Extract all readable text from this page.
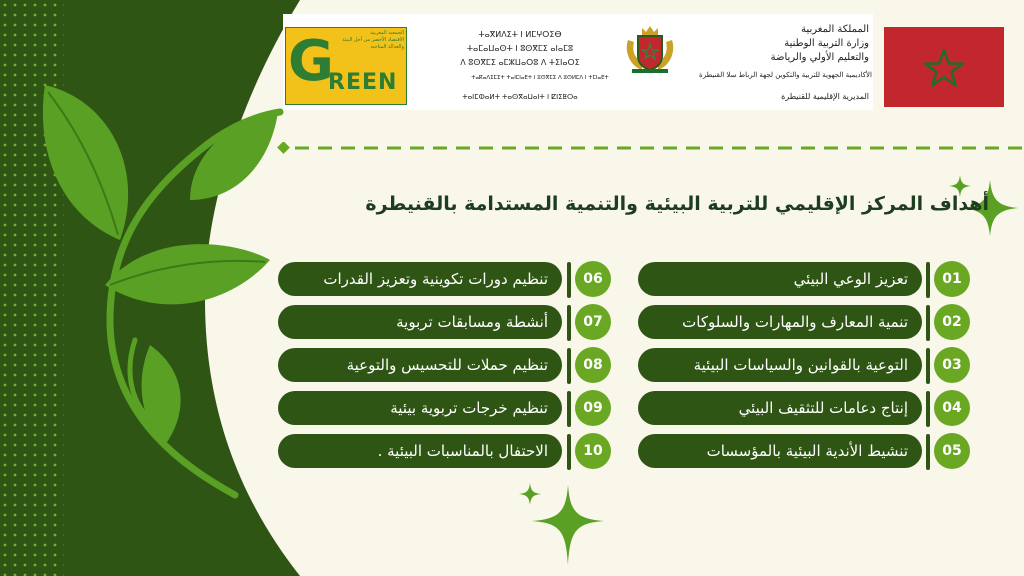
الجمعية المغربية
الاقتصاد الأخضر من أجل البيئة
والعدالة المناخية
G
REEN
ⵜⴰⴳⵍⴷⵉⵜ ⵏ ⵍⵎⵖⵔⵉⴱ
ⵜⴰⵎⴰⵡⴰⵙⵜ ⵏ ⵓⵙⴳⵎⵉ ⴰⵏⴰⵎⵓ
ⴷ ⵓⵙⴳⵎⵉ ⴰⵎⵣⵡⴰⵔⵓ ⴷ ⵜⵉⵏⴰⵔⵉ
ⵜⴰⴽⴰⴷⵉⵎⵉⵜ ⵜⴰⵏⵎⵏⴰⴹⵜ ⵏ ⵓⵙⴳⵎⵉ ⴷ ⵓⵙⵍⵎⴷ ⵏ ⵜⵎⵏⴰⴹⵜ
ⵜⴰⵏⵎⵀⴰⵍⵜ ⵜⴰⵙⴳⴰⵡⴰⵏⵜ ⵏ ⵇⵏⵉⵟⵔⴰ
المملكة المغربية
وزارة التربية الوطنية
والتعليم الأولي والرياضة
الأكاديمية الجهوية للتربية والتكوين لجهة الرباط سلا القنيطرة
المديرية الإقليمية للقنيطرة
أهداف المركز الإقليمي للتربية البيئية والتنمية المستدامة بالقنيطرة
تعزيز الوعي البيئي	01
تنمية المعارف والمهارات والسلوكات	02
التوعية بالقوانين والسياسات البيئية	03
إنتاج دعامات للتثقيف البيئي	04
تنشيط الأندية البيئية بالمؤسسات	05
تنظيم دورات تكوينية وتعزيز القدرات	06
أنشطة ومسابقات تربوية	07
تنظيم حملات للتحسيس والتوعية	08
تنظيم خرجات تربوية بيئية	09
الاحتفال بالمناسبات البيئية .	10
